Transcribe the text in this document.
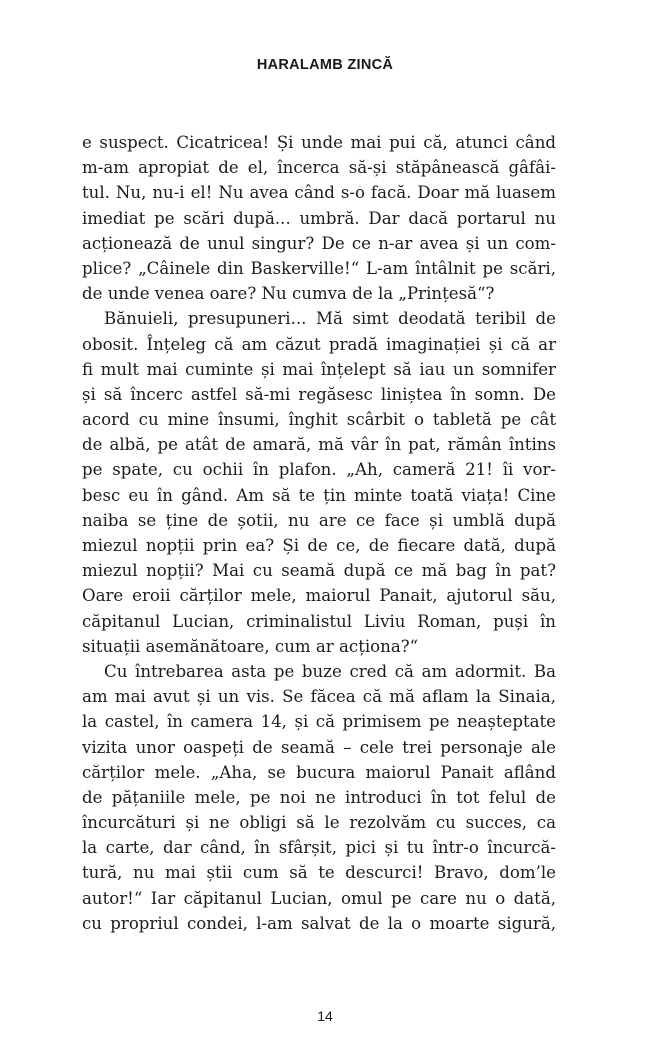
HARALAMB ZINCĂ
e suspect. Cicatricea! Și unde mai pui că, atunci când
m-am apropiat de el, încerca să-și stăpânească gâfâi-
tul. Nu, nu-i el! Nu avea când s-o facă. Doar mă luasem
imediat pe scări după... umbră. Dar dacă portarul nu
acționează de unul singur? De ce n-ar avea și un com-
plice? „Câinele din Baskerville!“ L-am întâlnit pe scări,
de unde venea oare? Nu cumva de la „Prințesă“?
Bănuieli, presupuneri... Mă simt deodată teribil de
obosit. Înțeleg că am căzut pradă imaginației și că ar
fi mult mai cuminte și mai înțelept să iau un somnifer
și să încerc astfel să-mi regăsesc liniștea în somn. De
acord cu mine însumi, înghit scârbit o tabletă pe cât
de albă, pe atât de amară, mă vâr în pat, rămân întins
pe spate, cu ochii în plafon. „Ah, cameră 21! îi vor-
besc eu în gând. Am să te țin minte toată viața! Cine
naiba se ține de șotii, nu are ce face și umblă după
miezul nopții prin ea? Și de ce, de fiecare dată, după
miezul nopții? Mai cu seamă după ce mă bag în pat?
Oare eroii cărților mele, maiorul Panait, ajutorul său,
căpitanul Lucian, criminalistul Liviu Roman, puși în
situații asemănătoare, cum ar acționa?“
Cu întrebarea asta pe buze cred că am adormit. Ba
am mai avut și un vis. Se făcea că mă aflam la Sinaia,
la castel, în camera 14, și că primisem pe neașteptate
vizita unor oaspeți de seamă – cele trei personaje ale
cărților mele. „Aha, se bucura maiorul Panait aflând
de pățaniile mele, pe noi ne introduci în tot felul de
încurcături și ne obligi să le rezolvăm cu succes, ca
la carte, dar când, în sfârșit, pici și tu într-o încurcă-
tură, nu mai știi cum să te descurci! Bravo, dom’le
autor!“ Iar căpitanul Lucian, omul pe care nu o dată,
cu propriul condei, l-am salvat de la o moarte sigură,
14
